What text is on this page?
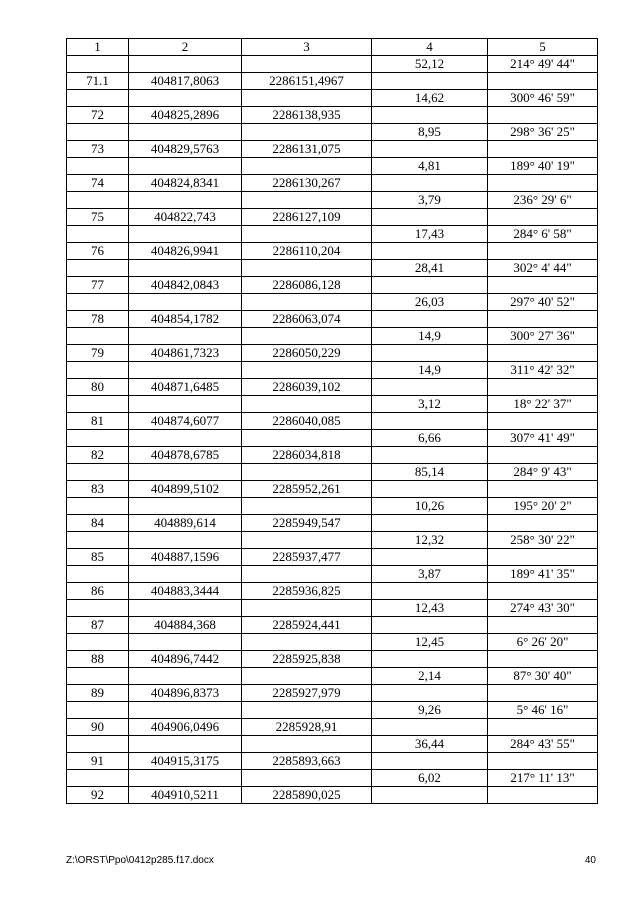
1	2	3	4	5
			52,12	214° 49' 44"
71.1	404817,8063	2286151,4967		
			14,62	300° 46' 59"
72	404825,2896	2286138,935		
			8,95	298° 36' 25"
73	404829,5763	2286131,075		
			4,81	189° 40' 19"
74	404824,8341	2286130,267		
			3,79	236° 29' 6"
75	404822,743	2286127,109		
			17,43	284° 6' 58"
76	404826,9941	2286110,204		
			28,41	302° 4' 44"
77	404842,0843	2286086,128		
			26,03	297° 40' 52"
78	404854,1782	2286063,074		
			14,9	300° 27' 36"
79	404861,7323	2286050,229		
			14,9	311° 42' 32"
80	404871,6485	2286039,102		
			3,12	18° 22' 37"
81	404874,6077	2286040,085		
			6,66	307° 41' 49"
82	404878,6785	2286034,818		
			85,14	284° 9' 43"
83	404899,5102	2285952,261		
			10,26	195° 20' 2"
84	404889,614	2285949,547		
			12,32	258° 30' 22"
85	404887,1596	2285937,477		
			3,87	189° 41' 35"
86	404883,3444	2285936,825		
			12,43	274° 43' 30"
87	404884,368	2285924,441		
			12,45	6° 26' 20"
88	404896,7442	2285925,838		
			2,14	87° 30' 40"
89	404896,8373	2285927,979		
			9,26	5° 46' 16"
90	404906,0496	2285928,91		
			36,44	284° 43' 55"
91	404915,3175	2285893,663		
			6,02	217° 11' 13"
92	404910,5211	2285890,025		
Z:\ORST\Ppo\0412p285.f17.docx	40
